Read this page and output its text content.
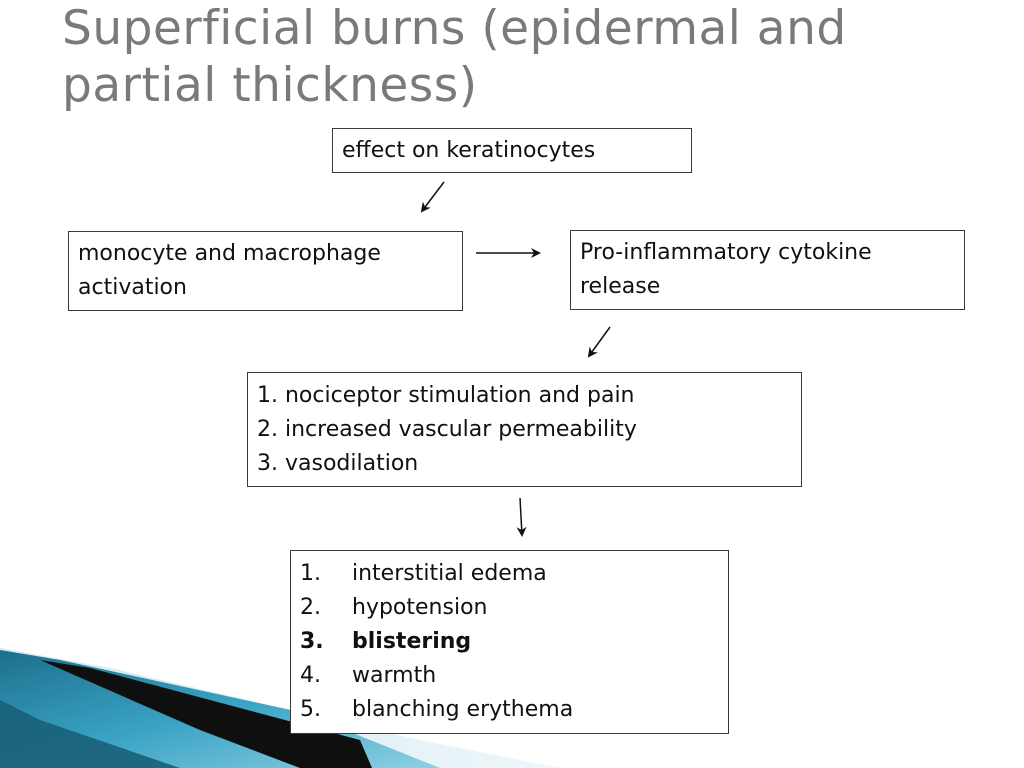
Superficial burns (epidermal and
partial thickness)
effect on keratinocytes
monocyte and macrophage
activation
Pro-inflammatory cytokine
release
1. nociceptor stimulation and pain
2. increased vascular permeability
3. vasodilation
1.	interstitial edema
2.	hypotension
3.	blistering
4.	warmth
5.	blanching erythema
